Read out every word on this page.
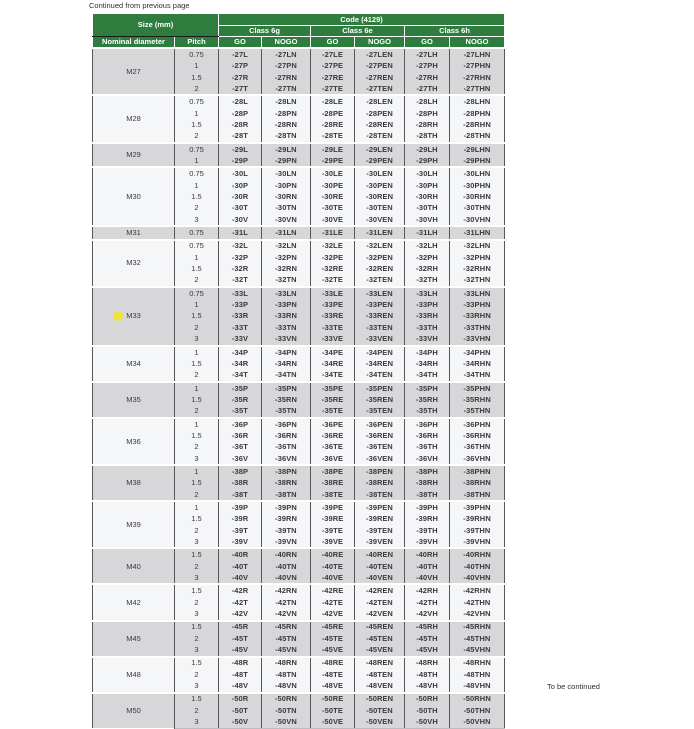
Continued from previous page
Size (mm)		Code (4129)					
		Class 6g		Class 6e		Class 6h	
Nominal diameter	Pitch	GO	NOGO	GO	NOGO	GO	NOGO
M27	0.75	-27L	-27LN	-27LE	-27LEN	-27LH	-27LHN
	1	-27P	-27PN	-27PE	-27PEN	-27PH	-27PHN
	1.5	-27R	-27RN	-27RE	-27REN	-27RH	-27RHN
	2	-27T	-27TN	-27TE	-27TEN	-27TH	-27THN
M28	0.75	-28L	-28LN	-28LE	-28LEN	-28LH	-28LHN
	1	-28P	-28PN	-28PE	-28PEN	-28PH	-28PHN
	1.5	-28R	-28RN	-28RE	-28REN	-28RH	-28RHN
	2	-28T	-28TN	-28TE	-28TEN	-28TH	-28THN
M29	0.75	-29L	-29LN	-29LE	-29LEN	-29LH	-29LHN
	1	-29P	-29PN	-29PE	-29PEN	-29PH	-29PHN
M30	0.75	-30L	-30LN	-30LE	-30LEN	-30LH	-30LHN
	1	-30P	-30PN	-30PE	-30PEN	-30PH	-30PHN
	1.5	-30R	-30RN	-30RE	-30REN	-30RH	-30RHN
	2	-30T	-30TN	-30TE	-30TEN	-30TH	-30THN
	3	-30V	-30VN	-30VE	-30VEN	-30VH	-30VHN
M31	0.75	-31L	-31LN	-31LE	-31LEN	-31LH	-31LHN
M32	0.75	-32L	-32LN	-32LE	-32LEN	-32LH	-32LHN
	1	-32P	-32PN	-32PE	-32PEN	-32PH	-32PHN
	1.5	-32R	-32RN	-32RE	-32REN	-32RH	-32RHN
	2	-32T	-32TN	-32TE	-32TEN	-32TH	-32THN

M33	0.75	-33L	-33LN	-33LE	-33LEN	-33LH	-33LHN
	1	-33P	-33PN	-33PE	-33PEN	-33PH	-33PHN
	1.5	-33R	-33RN	-33RE	-33REN	-33RH	-33RHN
	2	-33T	-33TN	-33TE	-33TEN	-33TH	-33THN
	3	-33V	-33VN	-33VE	-33VEN	-33VH	-33VHN
M34	1	-34P	-34PN	-34PE	-34PEN	-34PH	-34PHN
	1.5	-34R	-34RN	-34RE	-34REN	-34RH	-34RHN
	2	-34T	-34TN	-34TE	-34TEN	-34TH	-34THN
M35	1	-35P	-35PN	-35PE	-35PEN	-35PH	-35PHN
	1.5	-35R	-35RN	-35RE	-35REN	-35RH	-35RHN
	2	-35T	-35TN	-35TE	-35TEN	-35TH	-35THN
M36	1	-36P	-36PN	-36PE	-36PEN	-36PH	-36PHN
	1.5	-36R	-36RN	-36RE	-36REN	-36RH	-36RHN
	2	-36T	-36TN	-36TE	-36TEN	-36TH	-36THN
	3	-36V	-36VN	-36VE	-36VEN	-36VH	-36VHN
M38	1	-38P	-38PN	-38PE	-38PEN	-38PH	-38PHN
	1.5	-38R	-38RN	-38RE	-38REN	-38RH	-38RHN
	2	-38T	-38TN	-38TE	-38TEN	-38TH	-38THN
M39	1	-39P	-39PN	-39PE	-39PEN	-39PH	-39PHN
	1.5	-39R	-39RN	-39RE	-39REN	-39RH	-39RHN
	2	-39T	-39TN	-39TE	-39TEN	-39TH	-39THN
	3	-39V	-39VN	-39VE	-39VEN	-39VH	-39VHN
M40	1.5	-40R	-40RN	-40RE	-40REN	-40RH	-40RHN
	2	-40T	-40TN	-40TE	-40TEN	-40TH	-40THN
	3	-40V	-40VN	-40VE	-40VEN	-40VH	-40VHN
M42	1.5	-42R	-42RN	-42RE	-42REN	-42RH	-42RHN
	2	-42T	-42TN	-42TE	-42TEN	-42TH	-42THN
	3	-42V	-42VN	-42VE	-42VEN	-42VH	-42VHN
M45	1.5	-45R	-45RN	-45RE	-45REN	-45RH	-45RHN
	2	-45T	-45TN	-45TE	-45TEN	-45TH	-45THN
	3	-45V	-45VN	-45VE	-45VEN	-45VH	-45VHN
M48	1.5	-48R	-48RN	-48RE	-48REN	-48RH	-48RHN
	2	-48T	-48TN	-48TE	-48TEN	-48TH	-48THN
	3	-48V	-48VN	-48VE	-48VEN	-48VH	-48VHN
M50	1.5	-50R	-50RN	-50RE	-50REN	-50RH	-50RHN
	2	-50T	-50TN	-50TE	-50TEN	-50TH	-50THN
	3	-50V	-50VN	-50VE	-50VEN	-50VH	-50VHN
To be continued
